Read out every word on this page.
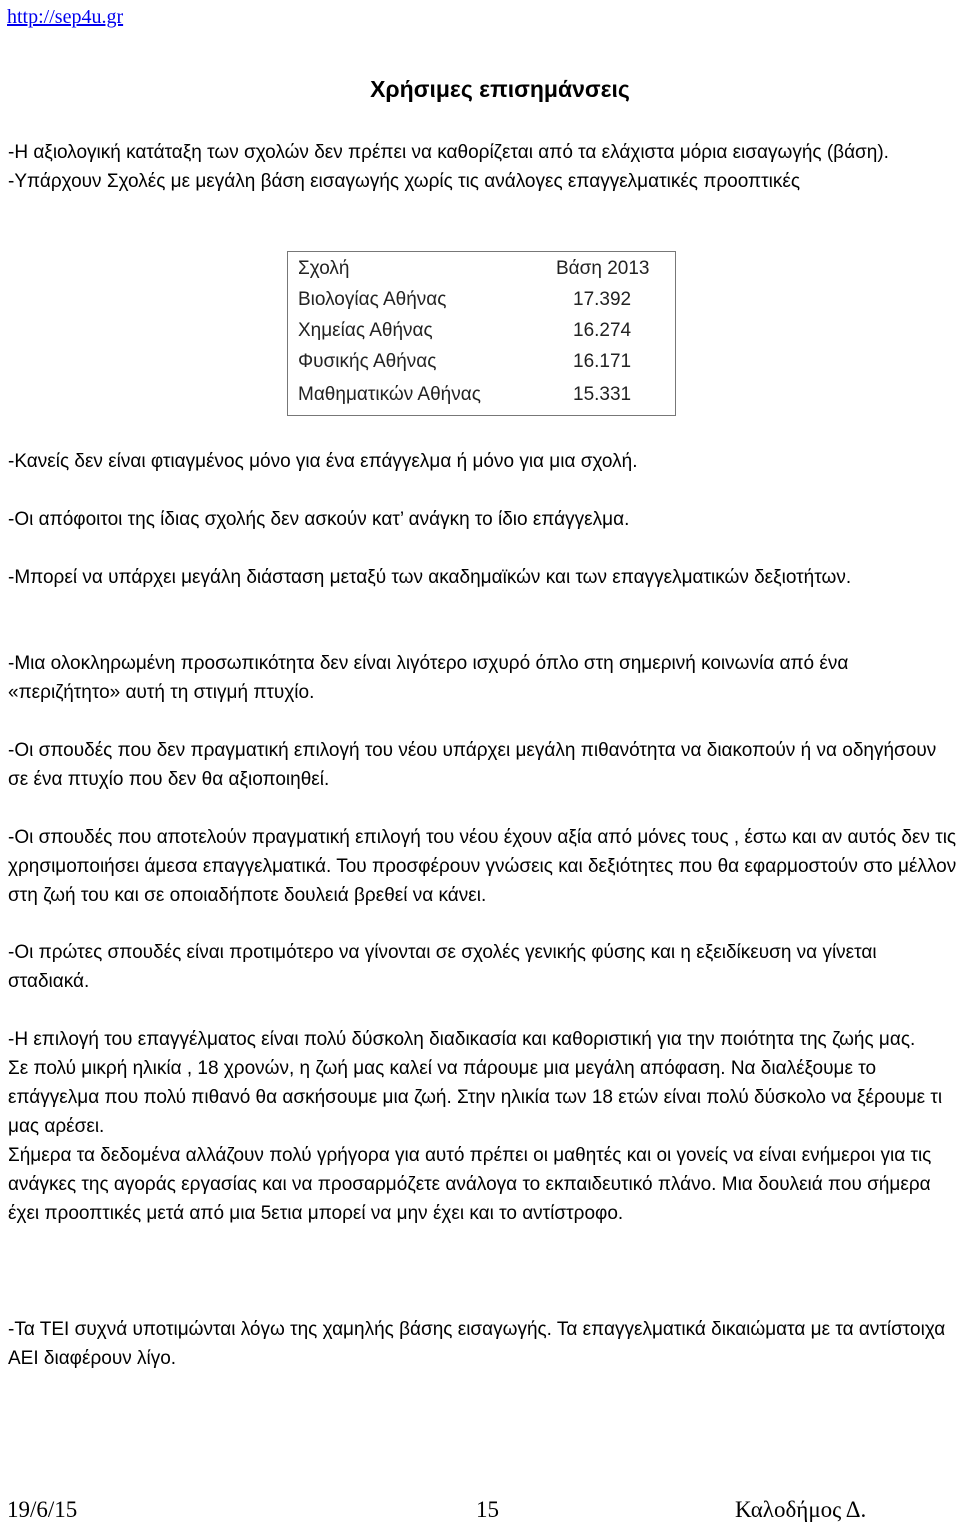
http://sep4u.gr
Χρήσιμες επισημάνσεις

-Η αξιολογική κατάταξη των σχολών δεν πρέπει να καθορίζεται από τα ελάχιστα μόρια εισαγωγής (βάση).

-Υπάρχουν Σχολές με μεγάλη βάση εισαγωγής χωρίς τις ανάλογες επαγγελματικές προοπτικές

Σχολή	Βάση 2013
Βιολογίας Αθήνας	17.392
Χημείας Αθήνας	16.274
Φυσικής Αθήνας	16.171
Μαθηματικών Αθήνας	15.331
-Κανείς δεν είναι φτιαγμένος μόνο για ένα επάγγελμα ή μόνο για μια σχολή.
-Οι απόφοιτοι της ίδιας σχολής δεν ασκούν κατ’ ανάγκη το ίδιο επάγγελμα.
-Μπορεί να υπάρχει μεγάλη διάσταση μεταξύ των ακαδημαϊκών και των επαγγελματικών δεξιοτήτων.
-Μια ολοκληρωμένη προσωπικότητα δεν είναι λιγότερο ισχυρό όπλο στη σημερινή κοινωνία από ένα «περιζήτητο» αυτή τη στιγμή πτυχίο.
-Οι σπουδές που δεν πραγματική επιλογή του νέου υπάρχει μεγάλη πιθανότητα να διακοπούν ή να οδηγήσουν σε ένα πτυχίο που δεν θα αξιοποιηθεί.
-Οι σπουδές που αποτελούν πραγματική επιλογή του νέου έχουν αξία από μόνες τους , έστω και αν αυτός δεν τις χρησιμοποιήσει άμεσα επαγγελματικά. Του προσφέρουν γνώσεις και δεξιότητες που θα εφαρμοστούν στο μέλλον στη ζωή του και σε οποιαδήποτε δουλειά βρεθεί να κάνει.
-Οι πρώτες σπουδές είναι προτιμότερο να γίνονται σε σχολές γενικής φύσης και η εξειδίκευση να γίνεται σταδιακά.

-Η επιλογή του επαγγέλματος είναι πολύ δύσκολη διαδικασία και καθοριστική για την ποιότητα της ζωής μας.

Σε πολύ μικρή ηλικία , 18 χρονών, η ζωή μας καλεί να πάρουμε μια μεγάλη απόφαση. Να διαλέξουμε το επάγγελμα που πολύ πιθανό θα ασκήσουμε μια ζωή. Στην ηλικία των 18 ετών είναι πολύ δύσκολο να ξέρουμε τι μας αρέσει.

Σήμερα τα δεδομένα αλλάζουν πολύ γρήγορα για αυτό πρέπει οι μαθητές και οι γονείς να είναι ενήμεροι για τις ανάγκες της αγοράς εργασίας και να προσαρμόζετε ανάλογα το εκπαιδευτικό πλάνο. Μια δουλειά που σήμερα έχει προοπτικές μετά από μια 5ετια μπορεί να μην έχει και το αντίστροφο.

-Τα ΤΕΙ συχνά υποτιμώνται λόγω της χαμηλής βάσης εισαγωγής. Τα επαγγελματικά δικαιώματα με τα αντίστοιχα ΑΕΙ διαφέρουν λίγο.
19/6/15	15	Καλοδήμος Δ.
